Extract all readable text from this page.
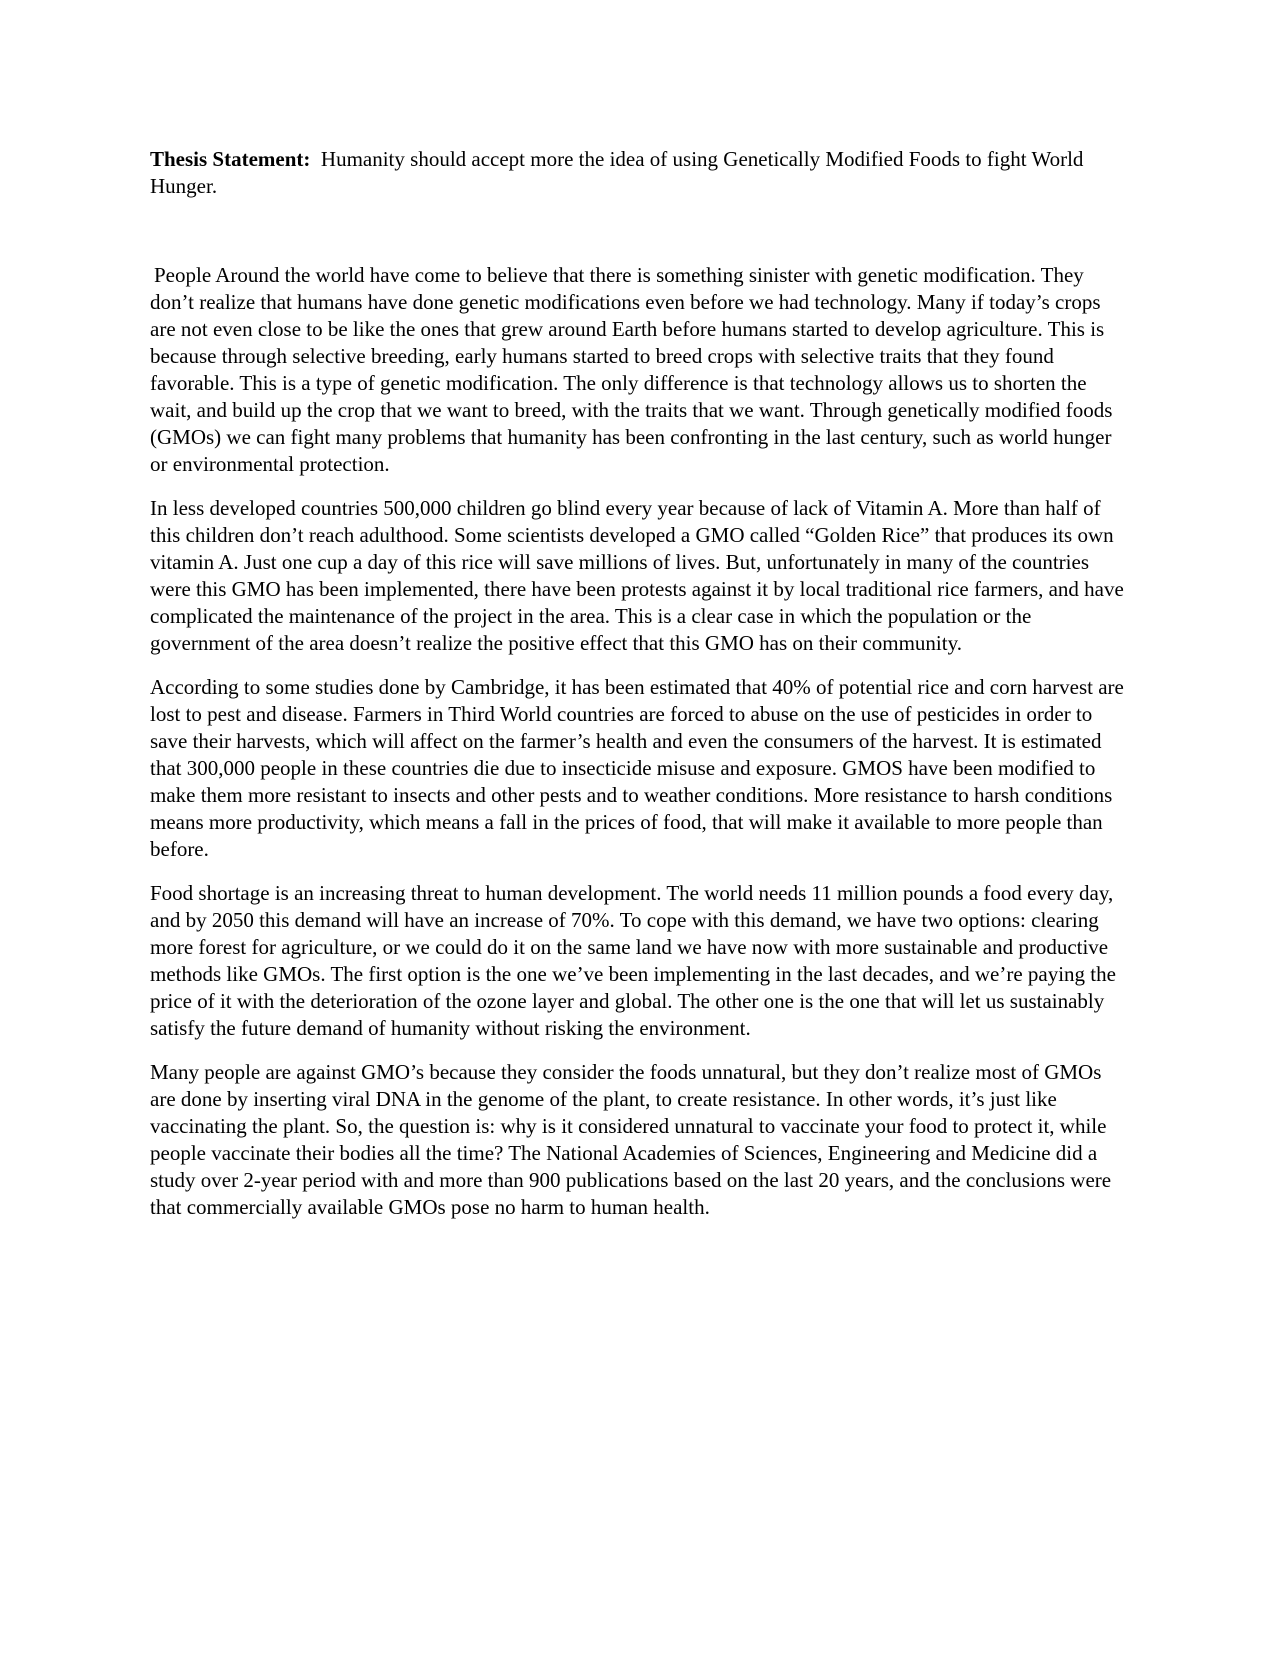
Thesis Statement: Humanity should accept more the idea of using Genetically Modified Foods to fight World Hunger.

People Around the world have come to believe that there is something sinister with genetic modification. They don’t realize that humans have done genetic modifications even before we had technology. Many if today’s crops are not even close to be like the ones that grew around Earth before humans started to develop agriculture. This is because through selective breeding, early humans started to breed crops with selective traits that they found favorable. This is a type of genetic modification. The only difference is that technology allows us to shorten the wait, and build up the crop that we want to breed, with the traits that we want. Through genetically modified foods (GMOs) we can fight many problems that humanity has been confronting in the last century, such as world hunger or environmental protection.

In less developed countries 500,000 children go blind every year because of lack of Vitamin A. More than half of this children don’t reach adulthood. Some scientists developed a GMO called “Golden Rice” that produces its own vitamin A. Just one cup a day of this rice will save millions of lives. But, unfortunately in many of the countries were this GMO has been implemented, there have been protests against it by local traditional rice farmers, and have complicated the maintenance of the project in the area. This is a clear case in which the population or the government of the area doesn’t realize the positive effect that this GMO has on their community.

According to some studies done by Cambridge, it has been estimated that 40% of potential rice and corn harvest are lost to pest and disease. Farmers in Third World countries are forced to abuse on the use of pesticides in order to save their harvests, which will affect on the farmer’s health and even the consumers of the harvest. It is estimated that 300,000 people in these countries die due to insecticide misuse and exposure. GMOS have been modified to make them more resistant to insects and other pests and to weather conditions. More resistance to harsh conditions means more productivity, which means a fall in the prices of food, that will make it available to more people than before.

Food shortage is an increasing threat to human development. The world needs 11 million pounds a food every day, and by 2050 this demand will have an increase of 70%. To cope with this demand, we have two options: clearing more forest for agriculture, or we could do it on the same land we have now with more sustainable and productive methods like GMOs. The first option is the one we’ve been implementing in the last decades, and we’re paying the price of it with the deterioration of the ozone layer and global. The other one is the one that will let us sustainably satisfy the future demand of humanity without risking the environment.

Many people are against GMO’s because they consider the foods unnatural, but they don’t realize most of GMOs are done by inserting viral DNA in the genome of the plant, to create resistance. In other words, it’s just like vaccinating the plant. So, the question is: why is it considered unnatural to vaccinate your food to protect it, while people vaccinate their bodies all the time? The National Academies of Sciences, Engineering and Medicine did a study over 2-year period with and more than 900 publications based on the last 20 years, and the conclusions were that commercially available GMOs pose no harm to human health.
